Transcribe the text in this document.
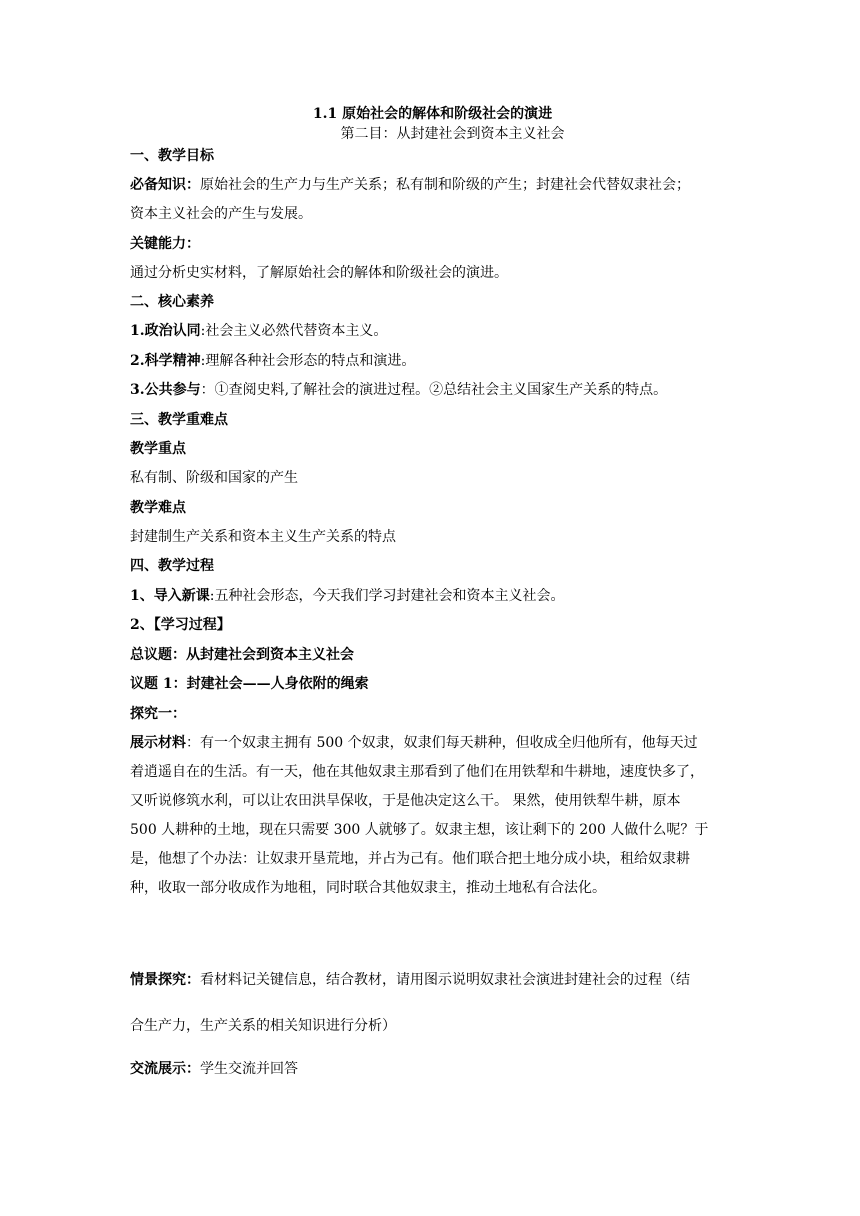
1.1 原始社会的解体和阶级社会的演进
第二目：从封建社会到资本主义社会
一、教学目标
必备知识：原始社会的生产力与生产关系；私有制和阶级的产生；封建社会代替奴隶社会；
资本主义社会的产生与发展。
关键能力：
通过分析史实材料，了解原始社会的解体和阶级社会的演进。
二、核心素养
1.政治认同:社会主义必然代替资本主义。
2.科学精神:理解各种社会形态的特点和演进。
3.公共参与：①查阅史料,了解社会的演进过程。②总结社会主义国家生产关系的特点。
三、教学重难点
教学重点
私有制、阶级和国家的产生
教学难点
封建制生产关系和资本主义生产关系的特点
四、教学过程
1、导入新课:五种社会形态，今天我们学习封建社会和资本主义社会。
2、【学习过程】
总议题：从封建社会到资本主义社会
议题 1：封建社会——人身依附的绳索
探究一：
展示材料：有一个奴隶主拥有 500 个奴隶，奴隶们每天耕种，但收成全归他所有，他每天过
着逍遥自在的生活。有一天，他在其他奴隶主那看到了他们在用铁犁和牛耕地，速度快多了，
又听说修筑水利，可以让农田洪旱保收，于是他决定这么干。 果然，使用铁犁牛耕，原本
500 人耕种的土地，现在只需要 300 人就够了。奴隶主想，该让剩下的 200 人做什么呢？于
是，他想了个办法：让奴隶开垦荒地，并占为己有。他们联合把土地分成小块，租给奴隶耕
种，收取一部分收成作为地租，同时联合其他奴隶主，推动土地私有合法化。
情景探究：看材料记关键信息，结合教材，请用图示说明奴隶社会演进封建社会的过程（结
合生产力，生产关系的相关知识进行分析）
交流展示：学生交流并回答
